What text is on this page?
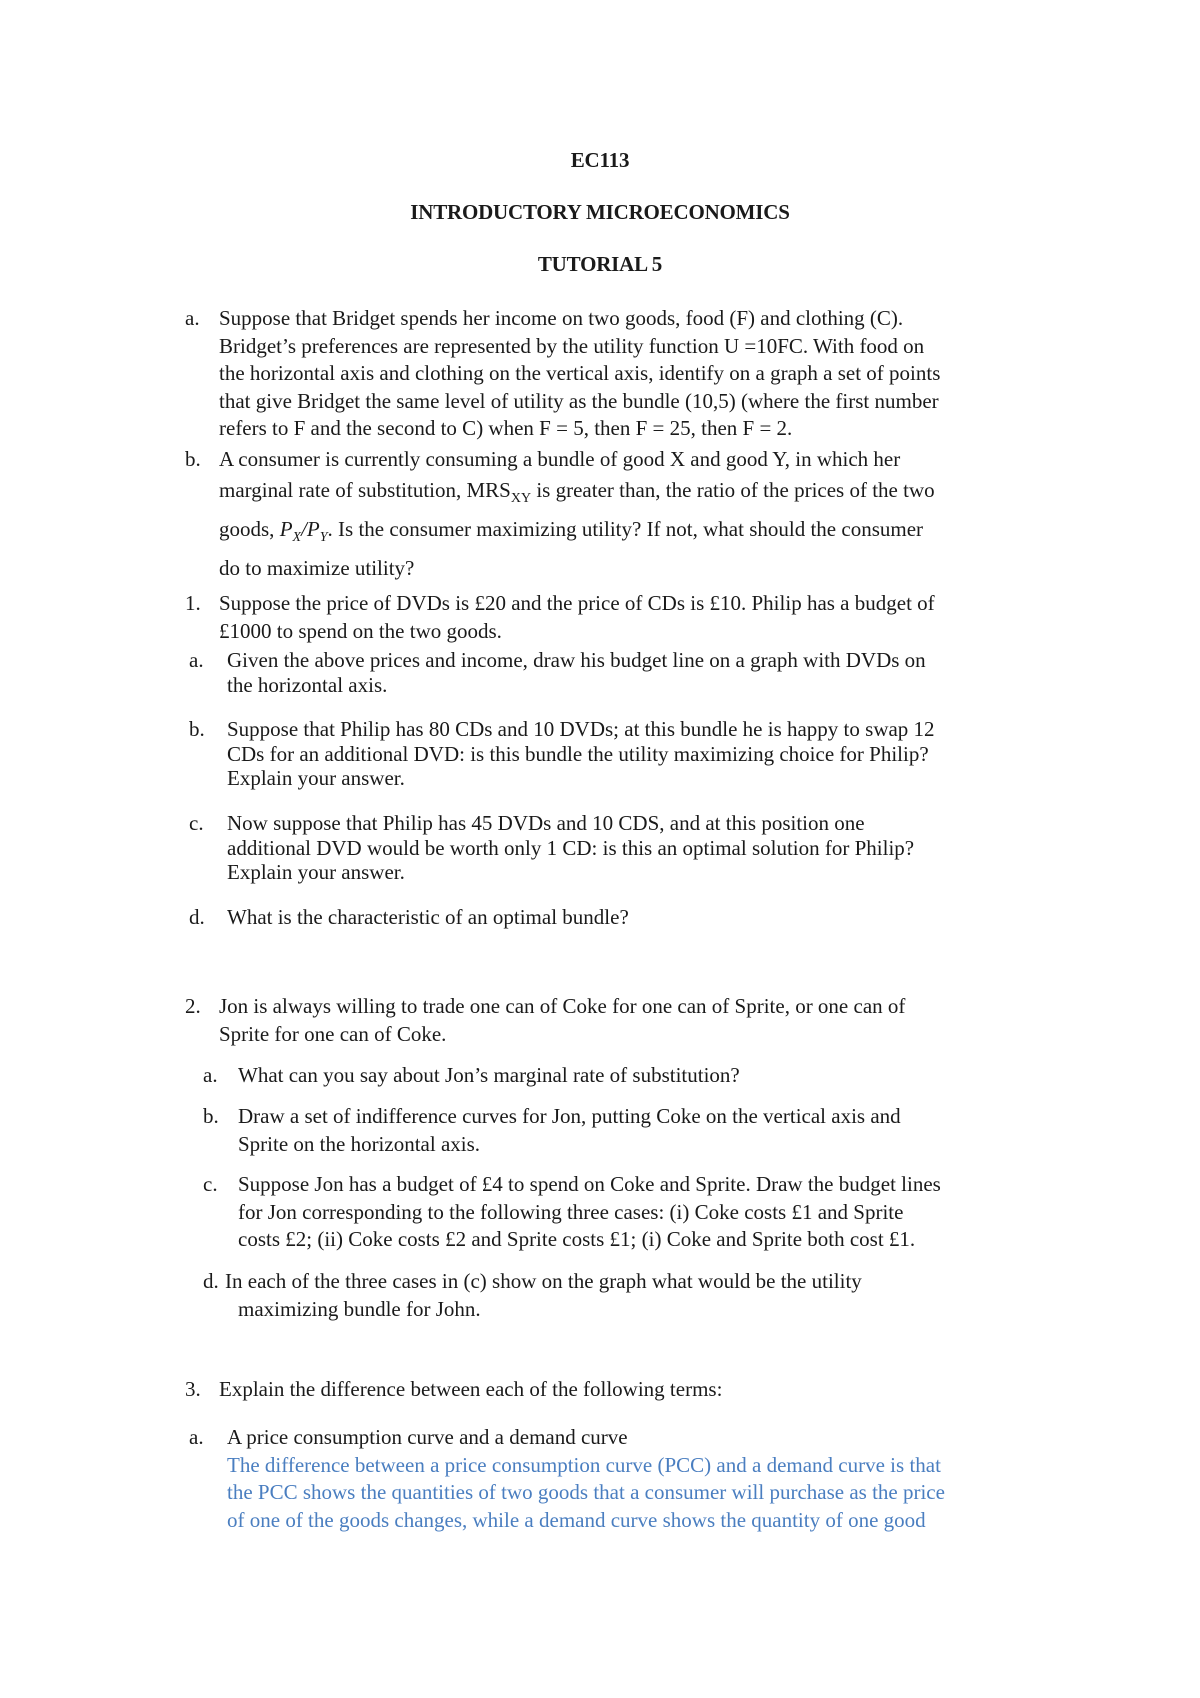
EC113
INTRODUCTORY MICROECONOMICS
TUTORIAL 5
a. Suppose that Bridget spends her income on two goods, food (F) and clothing (C).
Bridget’s preferences are represented by the utility function U =10FC. With food on
the horizontal axis and clothing on the vertical axis, identify on a graph a set of points
that give Bridget the same level of utility as the bundle (10,5) (where the first number
refers to F and the second to C) when F = 5, then F = 25, then F = 2.
b. A consumer is currently consuming a bundle of good X and good Y, in which her
marginal rate of substitution, $MRS_{XY}$ is greater than, the ratio of the prices of the two
goods, $P_X/P_Y$. Is the consumer maximizing utility? If not, what should the consumer
do to maximize utility?
1. Suppose the price of DVDs is £20 and the price of CDs is £10. Philip has a budget of
£1000 to spend on the two goods.
a. Given the above prices and income, draw his budget line on a graph with DVDs on
the horizontal axis.
b. Suppose that Philip has 80 CDs and 10 DVDs; at this bundle he is happy to swap 12
CDs for an additional DVD: is this bundle the utility maximizing choice for Philip?
Explain your answer.
c. Now suppose that Philip has 45 DVDs and 10 CDS, and at this position one
additional DVD would be worth only 1 CD: is this an optimal solution for Philip?
Explain your answer.
d. What is the characteristic of an optimal bundle?
2. Jon is always willing to trade one can of Coke for one can of Sprite, or one can of
Sprite for one can of Coke.
a. What can you say about Jon’s marginal rate of substitution?
b. Draw a set of indifference curves for Jon, putting Coke on the vertical axis and
Sprite on the horizontal axis.
c. Suppose Jon has a budget of £4 to spend on Coke and Sprite. Draw the budget lines
for Jon corresponding to the following three cases: (i) Coke costs £1 and Sprite
costs £2; (ii) Coke costs £2 and Sprite costs £1; (i) Coke and Sprite both cost £1.
d. In each of the three cases in (c) show on the graph what would be the utility
maximizing bundle for John.
3. Explain the difference between each of the following terms:
a. A price consumption curve and a demand curve
The difference between a price consumption curve (PCC) and a demand curve is that
the PCC shows the quantities of two goods that a consumer will purchase as the price
of one of the goods changes, while a demand curve shows the quantity of one good
